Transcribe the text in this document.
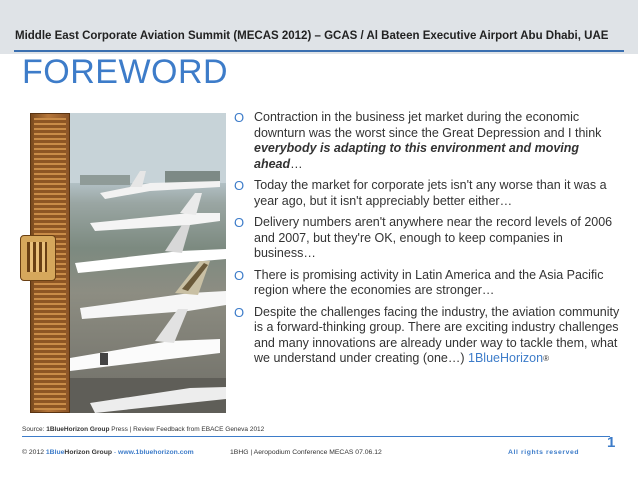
Middle East Corporate Aviation Summit (MECAS 2012) – GCAS / Al Bateen Executive Airport Abu Dhabi, UAE
FOREWORD
O Contraction in the business jet market during the economic downturn was the worst since the Great Depression and I think everybody is adapting to this environment and moving ahead…
O Today the market for corporate jets isn't any worse than it was a year ago, but it isn't appreciably better either…
O Delivery numbers aren't anywhere near the record levels of 2006 and 2007, but they're OK, enough to keep companies in business…
O There is promising activity in Latin America and the Asia Pacific region where the economies are stronger…
O Despite the challenges facing the industry, the aviation community is a forward-thinking group. There are exciting industry challenges and many innovations are already under way to tackle them, what we understand under creating (one…) 1BlueHorizon®
Source: 1BlueHorizon Group Press | Review Feedback from EBACE Geneva 2012
1
© 2012 1BlueHorizon Group - www.1bluehorizon.com	1BHG | Aeropodium Conference MECAS 07.06.12	All rights reserved
